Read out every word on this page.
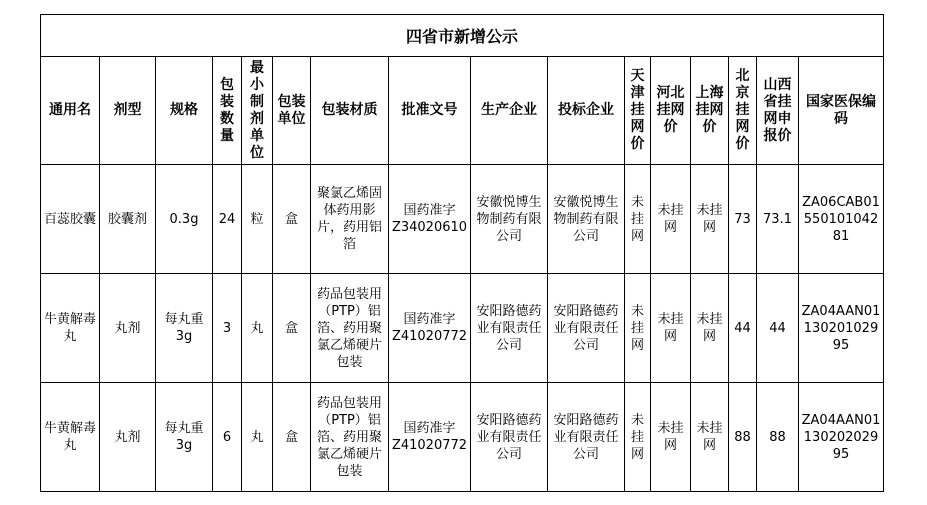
四省市新增公示															
通用名	剂型	规格	包装数量	最小制剂单位	包装单位	包装材质	批准文号	生产企业	投标企业	天津挂网价	河北挂网价	上海挂网价	北京挂网价	山西省挂网申报价	国家医保编码
百蕊胶囊	胶囊剂	0.3g	24	粒	盒	聚氯乙烯固体药用影片，药用铝箔	国药准字Z34020610	安徽悦博生物制药有限公司	安徽悦博生物制药有限公司	未挂网	未挂网	未挂网	73	73.1	ZA06CAB0155010104281
牛黄解毒丸	丸剂	每丸重3g	3	丸	盒	药品包装用（PTP）铝箔、药用聚氯乙烯硬片包装	国药准字Z41020772	安阳路德药业有限责任公司	安阳路德药业有限责任公司	未挂网	未挂网	未挂网	44	44	ZA04AAN0113020102995
牛黄解毒丸	丸剂	每丸重3g	6	丸	盒	药品包装用（PTP）铝箔、药用聚氯乙烯硬片包装	国药准字Z41020772	安阳路德药业有限责任公司	安阳路德药业有限责任公司	未挂网	未挂网	未挂网	88	88	ZA04AAN0113020202995
